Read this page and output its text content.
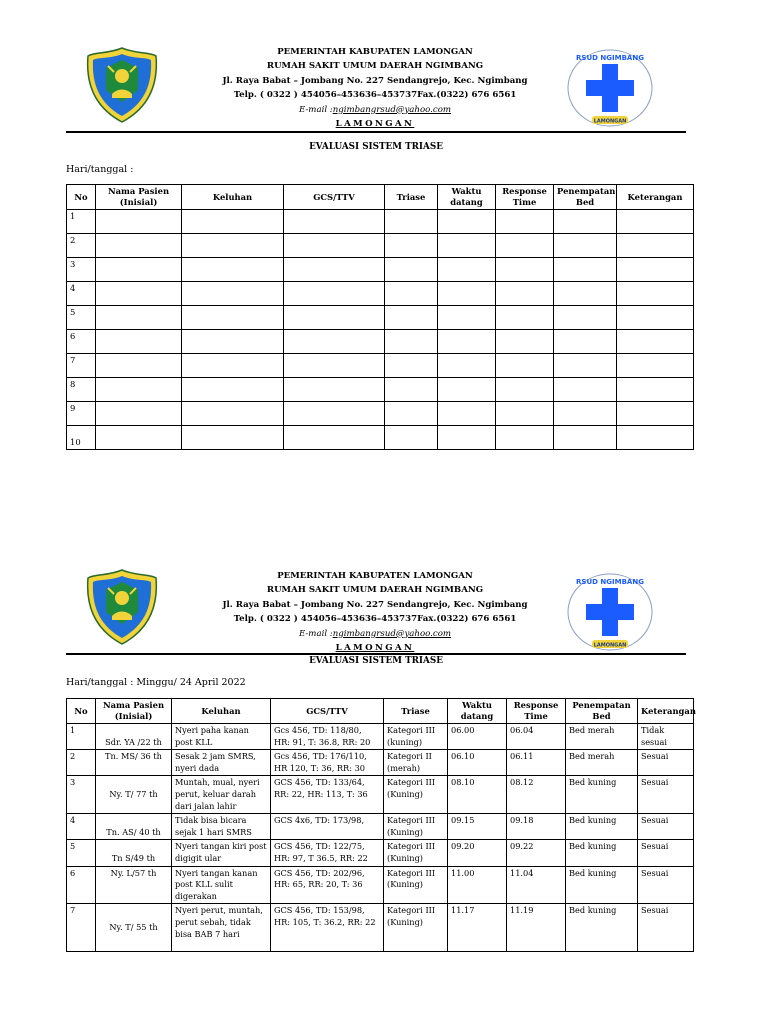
PEMERINTAH KABUPATEN LAMONGAN
RUMAH SAKIT UMUM DAERAH NGIMBANG
Jl. Raya Babat – Jombang No. 227 Sendangrejo, Kec. Ngimbang
Telp. ( 0322 ) 454056–453636–453737Fax.(0322) 676 6561
E-mail :ngimbangrsud@yahoo.com
LAMONGAN
RSUD NGIMBANG
LAMONGAN
EVALUASI SISTEM TRIASE
Hari/tanggal :
No	Nama Pasien (Inisial)	Keluhan	GCS/TTV	Triase	Waktu datang	Response Time	Penempatan Bed	Keterangan
1								
2								
3								
4								
5								
6								
7								
8								
9								
10								
PEMERINTAH KABUPATEN LAMONGAN
RUMAH SAKIT UMUM DAERAH NGIMBANG
Jl. Raya Babat – Jombang No. 227 Sendangrejo, Kec. Ngimbang
Telp. ( 0322 ) 454056–453636–453737Fax.(0322) 676 6561
E-mail :ngimbangrsud@yahoo.com
LAMONGAN
RSUD NGIMBANG
LAMONGAN
EVALUASI SISTEM TRIASE
Hari/tanggal : Minggu/ 24 April 2022
No	Nama Pasien (Inisial)	Keluhan	GCS/TTV	Triase	Waktu datang	Response Time	Penempatan Bed	Keterangan
1	Sdr. YA /22 th	Nyeri paha kanan post KLL	Gcs 456, TD: 118/80, HR: 91, T: 36.8, RR: 20	Kategori III (kuning)	06.00	06.04	Bed merah	Tidak sesuai
2	Tn. MS/ 36 th	Sesak 2 jam SMRS, nyeri dada	Gcs 456, TD: 176/110, HR 120, T: 36, RR: 30	Kategori II (merah)	06.10	06.11	Bed merah	Sesuai
3	Ny. T/ 77 th	Muntah, mual, nyeri perut, keluar darah dari jalan lahir	GCS 456, TD: 133/64, RR: 22, HR: 113, T: 36	Kategori III (Kuning)	08.10	08.12	Bed kuning	Sesuai
4	Tn. AS/ 40 th	Tidak bisa bicara sejak 1 hari SMRS	GCS 4x6, TD: 173/98,	Kategori III (Kuning)	09.15	09.18	Bed kuning	Sesuai
5	Tn S/49 th	Nyeri tangan kiri post digigit ular	GCS 456, TD: 122/75, HR: 97, T 36.5, RR: 22	Kategori III (Kuning)	09.20	09.22	Bed kuning	Sesuai
6	Ny. L/57 th	Nyeri tangan kanan post KLL sulit digerakan	GCS 456, TD: 202/96, HR: 65, RR: 20, T: 36	Kategori III (Kuning)	11.00	11.04	Bed kuning	Sesuai
7	Ny. T/ 55 th	Nyeri perut, muntah, perut sebah, tidak bisa BAB 7 hari	GCS 456, TD: 153/98, HR: 105, T: 36.2, RR: 22	Kategori III (Kuning)	11.17	11.19	Bed kuning	Sesuai
